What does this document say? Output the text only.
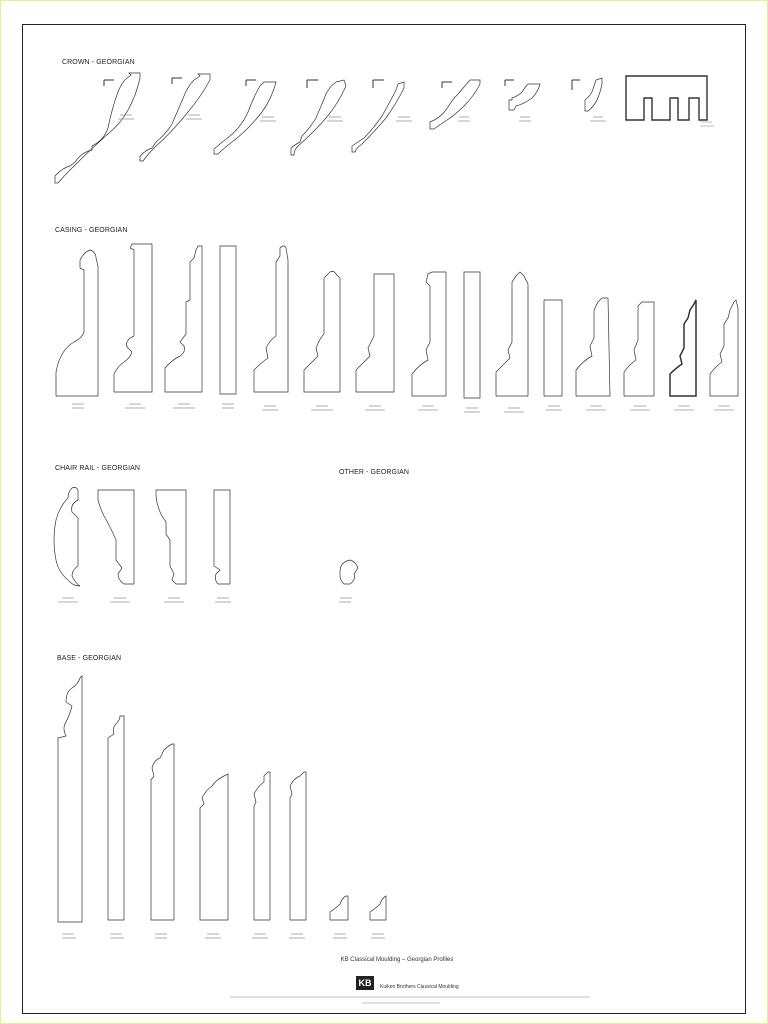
CROWN - GEORGIAN
CASING - GEORGIAN
CHAIR RAIL - GEORGIAN
OTHER - GEORGIAN
BASE - GEORGIAN
KB Classical Moulding – Georgian Profiles
KB	Kuiken Brothers Classical Moulding
